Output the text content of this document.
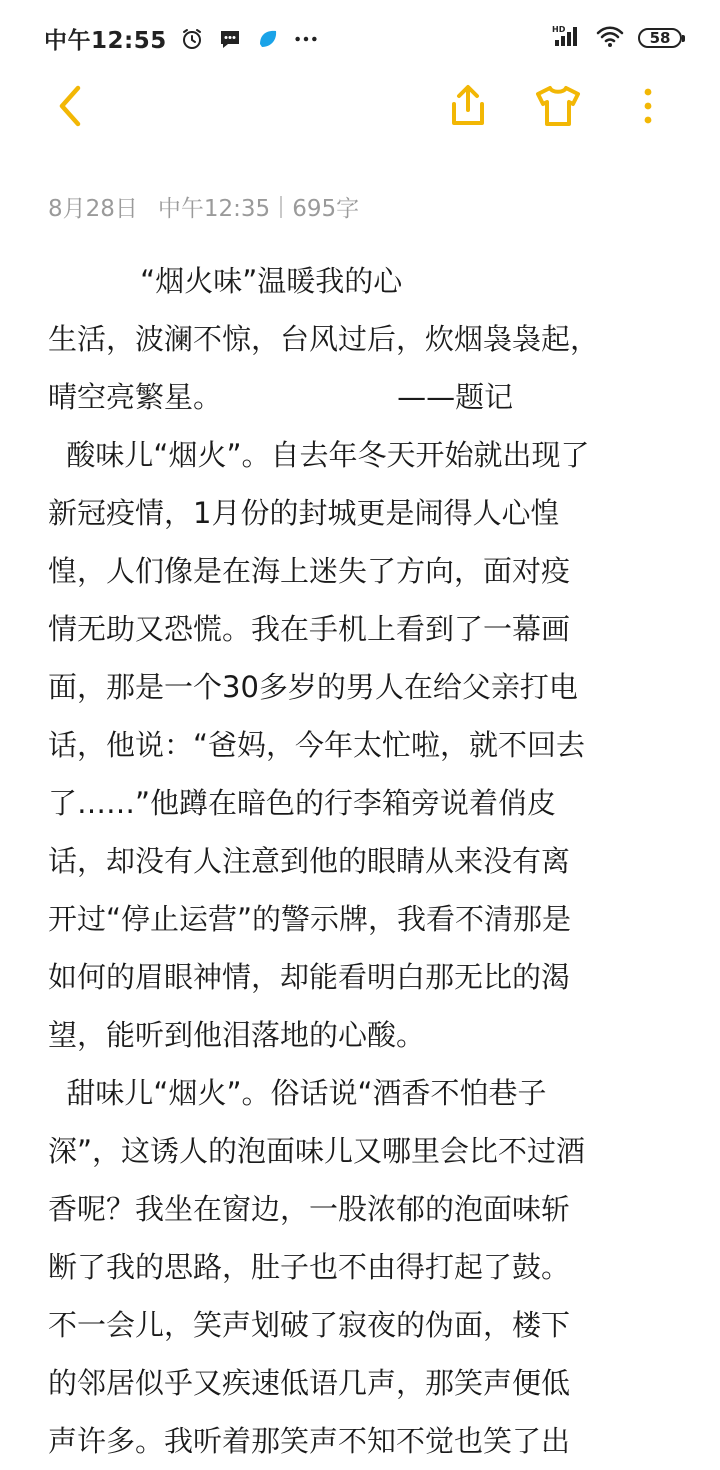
中午12:55	HD	58
8月28日 中午12:35 695字
“烟火味”温暖我的心
生活，波澜不惊，台风过后，炊烟袅袅起，
晴空亮繁星。                   ——题记
酸味儿“烟火”。自去年冬天开始就出现了
新冠疫情，1月份的封城更是闹得人心惶
惶，人们像是在海上迷失了方向，面对疫
情无助又恐慌。我在手机上看到了一幕画
面，那是一个30多岁的男人在给父亲打电
话，他说：“爸妈，今年太忙啦，就不回去
了……”他蹲在暗色的行李箱旁说着俏皮
话，却没有人注意到他的眼睛从来没有离
开过“停止运营”的警示牌，我看不清那是
如何的眉眼神情，却能看明白那无比的渴
望，能听到他泪落地的心酸。
甜味儿“烟火”。俗话说“酒香不怕巷子
深”，这诱人的泡面味儿又哪里会比不过酒
香呢？我坐在窗边，一股浓郁的泡面味斩
断了我的思路，肚子也不由得打起了鼓。
不一会儿，笑声划破了寂夜的伪面，楼下
的邻居似乎又疾速低语几声，那笑声便低
声许多。我听着那笑声不知不觉也笑了出
